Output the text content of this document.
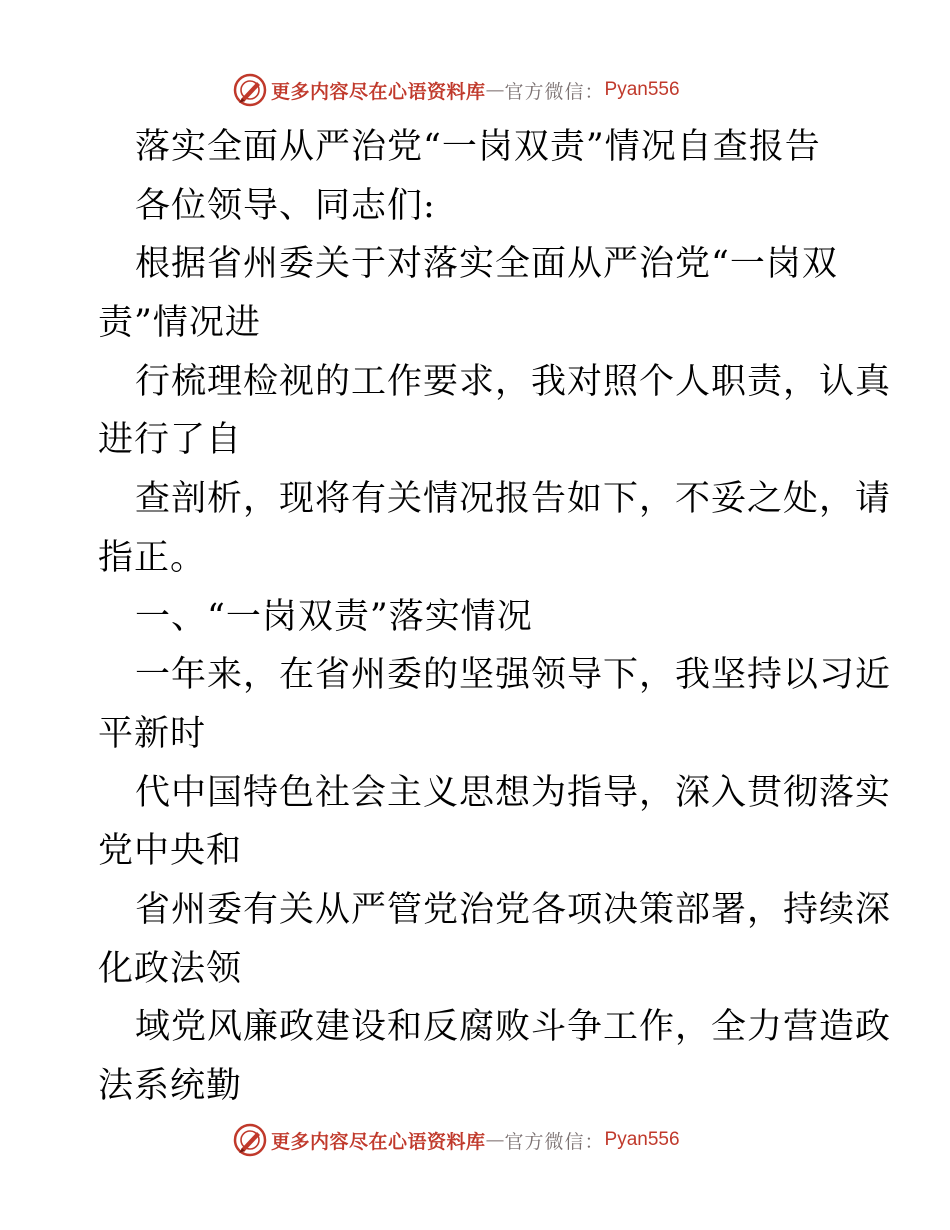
更多内容尽在心语资料库 — 官方微信： Pyan556
落实全面从严治党“一岗双责”情况自查报告
各位领导、同志们:
根据省州委关于对落实全面从严治党“一岗双
责”情况进
行梳理检视的工作要求，我对照个人职责，认真
进行了自
查剖析，现将有关情况报告如下，不妥之处，请
指正。
一、“一岗双责”落实情况
一年来，在省州委的坚强领导下，我坚持以习近
平新时
代中国特色社会主义思想为指导，深入贯彻落实
党中央和
省州委有关从严管党治党各项决策部署，持续深
化政法领
域党风廉政建设和反腐败斗争工作，全力营造政
法系统勤
更多内容尽在心语资料库 — 官方微信： Pyan556
